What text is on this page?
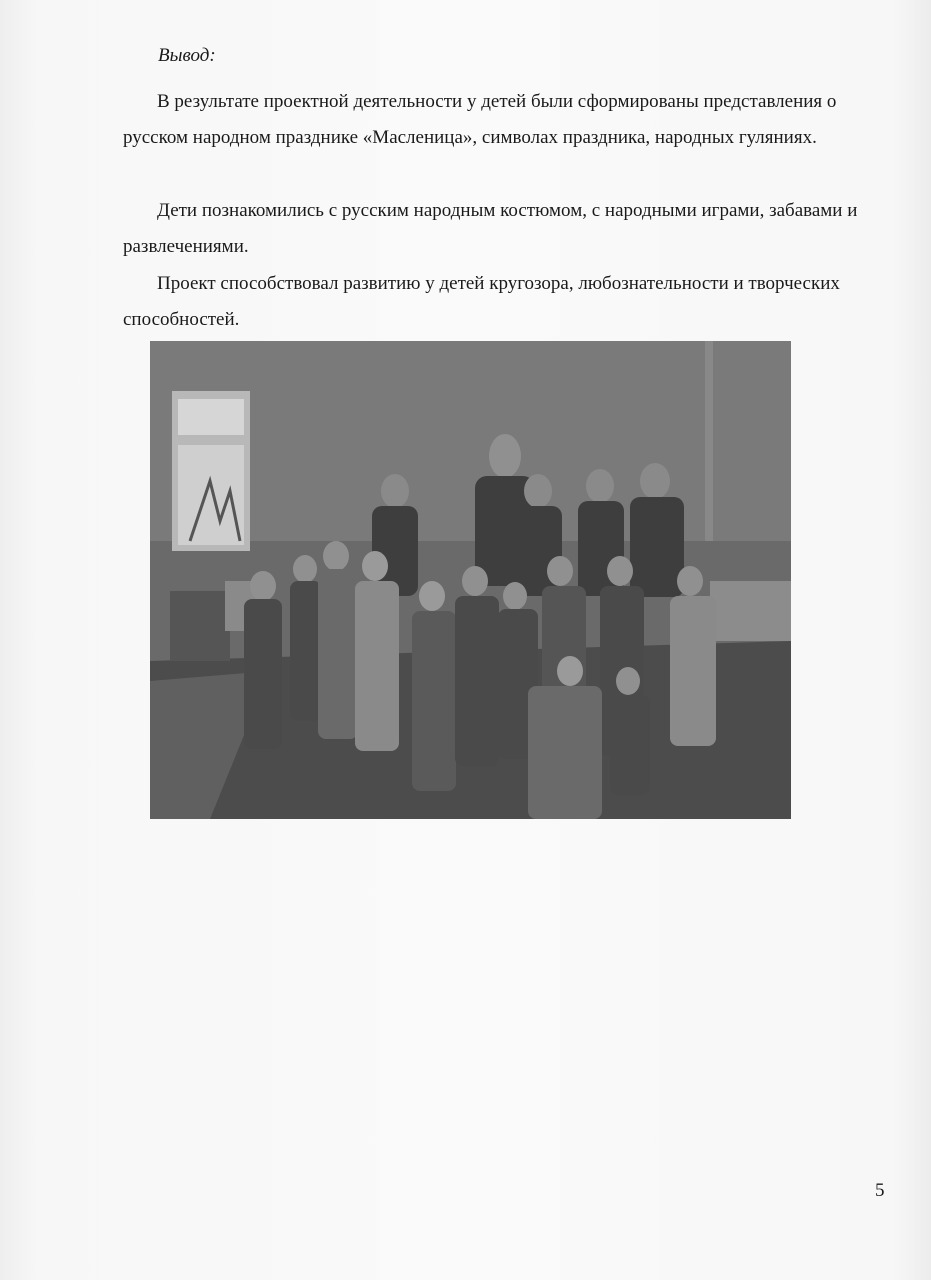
Вывод:

В результате проектной деятельности у детей были сформированы представления о русском народном празднике «Масленица», символах праздника, народных гуляниях.

Дети познакомились с русским народным костюмом, с народными играми, забавами и развлечениями.

Проект способствовал развитию у детей кругозора, любознательности и творческих способностей.

5
